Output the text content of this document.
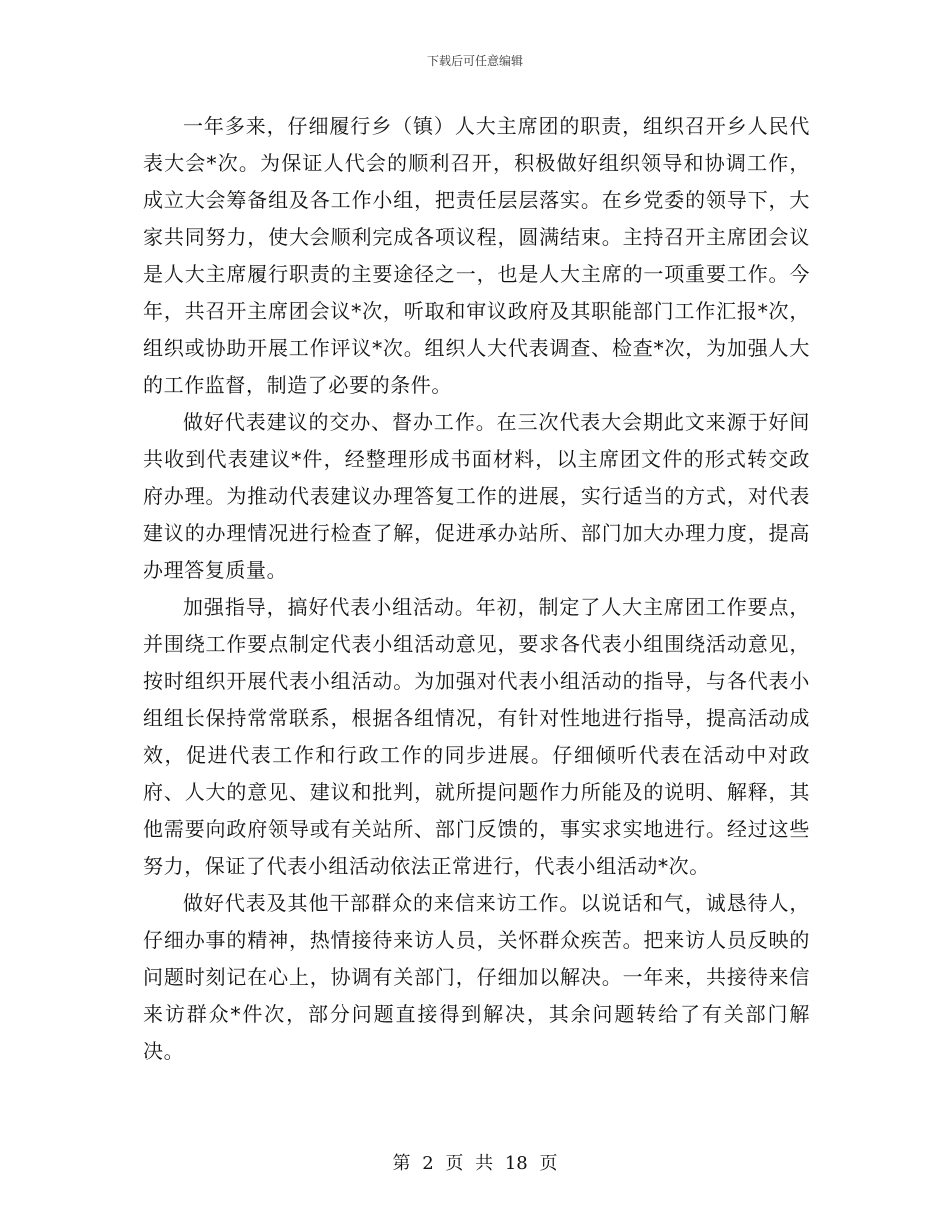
下载后可任意编辑

一年多来，仔细履行乡（镇）人大主席团的职责，组织召开乡人民代表大会*次。为保证人代会的顺利召开，积极做好组织领导和协调工作，成立大会筹备组及各工作小组，把责任层层落实。在乡党委的领导下，大家共同努力，使大会顺利完成各项议程，圆满结束。主持召开主席团会议是人大主席履行职责的主要途径之一，也是人大主席的一项重要工作。今年，共召开主席团会议*次，听取和审议政府及其职能部门工作汇报*次，组织或协助开展工作评议*次。组织人大代表调查、检查*次，为加强人大的工作监督，制造了必要的条件。

做好代表建议的交办、督办工作。在三次代表大会期此文来源于好间共收到代表建议*件，经整理形成书面材料，以主席团文件的形式转交政府办理。为推动代表建议办理答复工作的进展，实行适当的方式，对代表建议的办理情况进行检查了解，促进承办站所、部门加大办理力度，提高办理答复质量。

加强指导，搞好代表小组活动。年初，制定了人大主席团工作要点，并围绕工作要点制定代表小组活动意见，要求各代表小组围绕活动意见，按时组织开展代表小组活动。为加强对代表小组活动的指导，与各代表小组组长保持常常联系，根据各组情况，有针对性地进行指导，提高活动成效，促进代表工作和行政工作的同步进展。仔细倾听代表在活动中对政府、人大的意见、建议和批判，就所提问题作力所能及的说明、解释，其他需要向政府领导或有关站所、部门反馈的，事实求实地进行。经过这些努力，保证了代表小组活动依法正常进行，代表小组活动*次。

做好代表及其他干部群众的来信来访工作。以说话和气，诚恳待人，仔细办事的精神，热情接待来访人员，关怀群众疾苦。把来访人员反映的问题时刻记在心上，协调有关部门，仔细加以解决。一年来，共接待来信来访群众*件次，部分问题直接得到解决，其余问题转给了有关部门解决。

第 2 页 共 18 页
